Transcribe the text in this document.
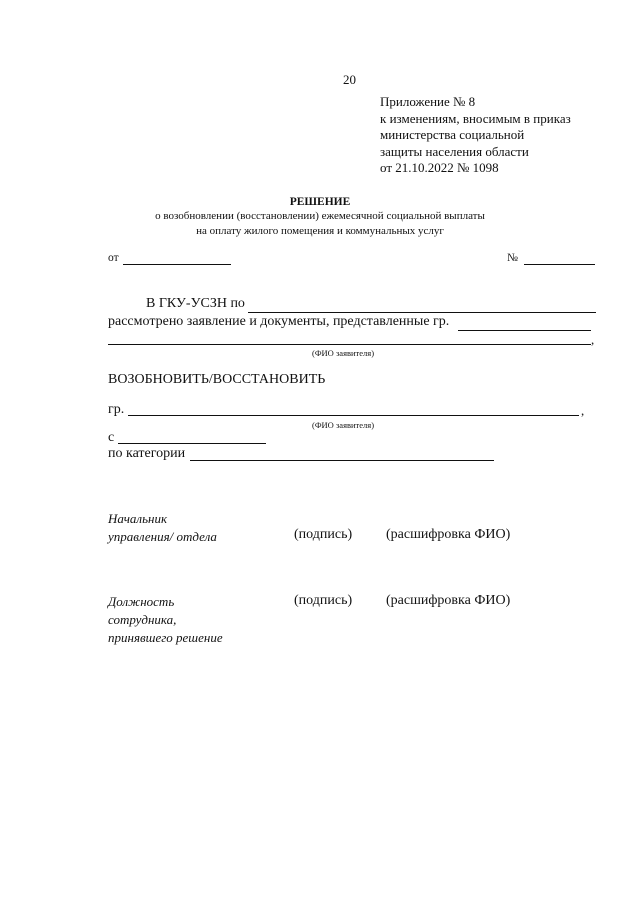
20
Приложение № 8
к изменениям, вносимым в приказ
министерства социальной
защиты населения области
от 21.10.2022 № 1098
РЕШЕНИЕ
о возобновлении (восстановлении) ежемесячной социальной выплаты
на оплату жилого помещения и коммунальных услуг
от	№
В ГКУ-УСЗН по
рассмотрено заявление и документы, представленные гр.
,
(ФИО заявителя)
ВОЗОБНОВИТЬ/ВОССТАНОВИТЬ
гр.	,
(ФИО заявителя)
с
по категории
Начальник
управления/ отдела	(подпись) (расшифровка ФИО)
Должность
сотрудника,
принявшего решение
(подпись) (расшифровка ФИО)
